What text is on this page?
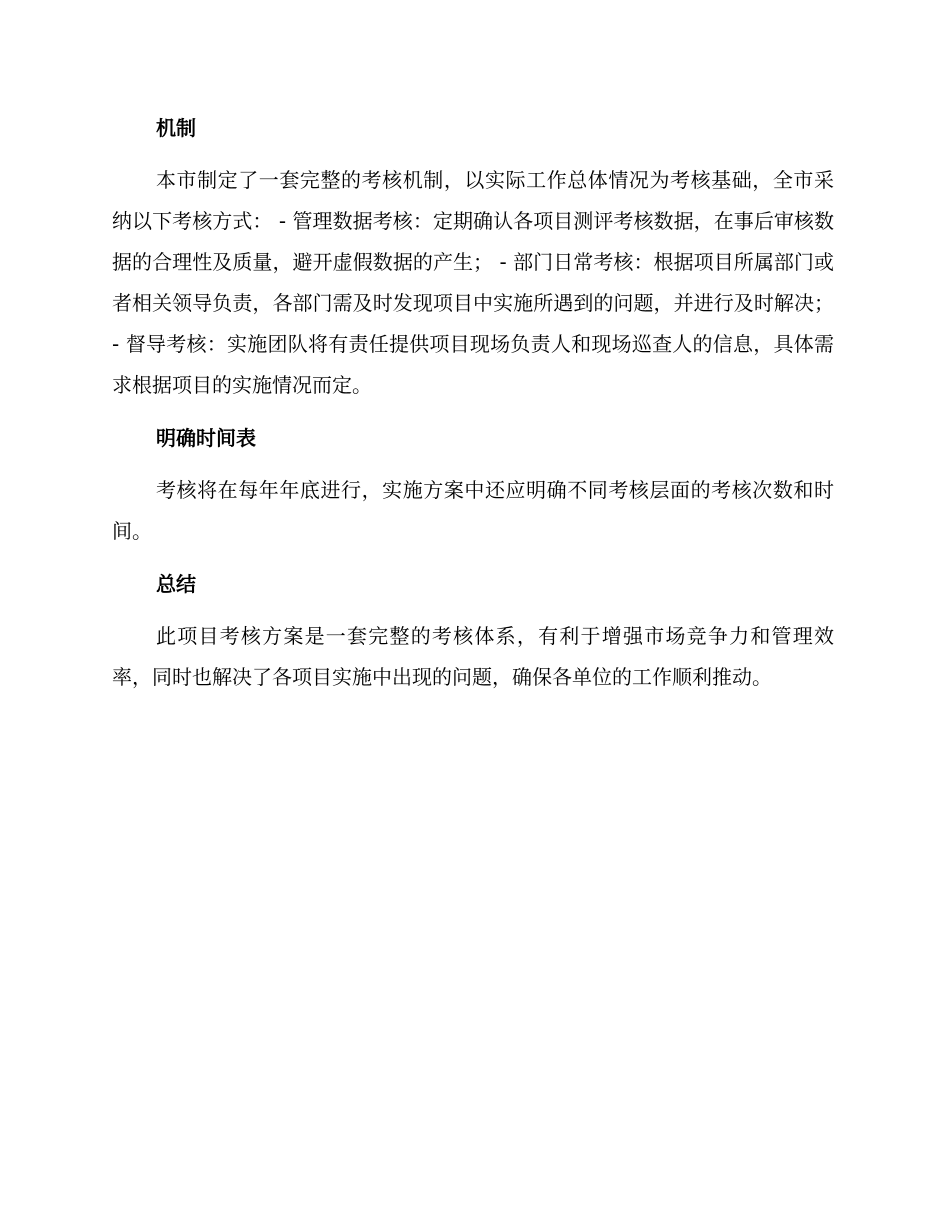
机制

本市制定了一套完整的考核机制，以实际工作总体情况为考核基础，全市采纳以下考核方式： - 管理数据考核：定期确认各项目测评考核数据，在事后审核数据的合理性及质量，避开虚假数据的产生； - 部门日常考核：根据项目所属部门或者相关领导负责，各部门需及时发现项目中实施所遇到的问题，并进行及时解决； - 督导考核：实施团队将有责任提供项目现场负责人和现场巡查人的信息，具体需求根据项目的实施情况而定。

明确时间表

考核将在每年年底进行，实施方案中还应明确不同考核层面的考核次数和时间。

总结

此项目考核方案是一套完整的考核体系，有利于增强市场竞争力和管理效率，同时也解决了各项目实施中出现的问题，确保各单位的工作顺利推动。
